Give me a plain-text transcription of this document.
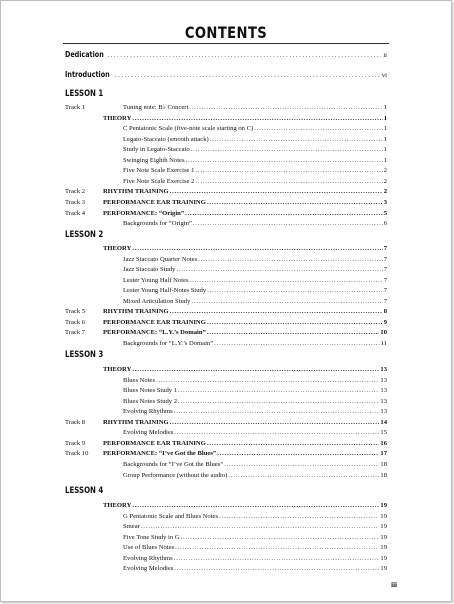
CONTENTS
Dedication .....	ii
Introduction .....	vi
LESSON 1
Track 1	Tuning note: B♭ Concert .....	1
THEORY .....	1
C Pentatonic Scale (five-note scale starting on C) .....	1
Legato-Staccato (smooth attack) .....	1
Study in Legato-Staccato .....	1
Swinging Eighth Notes .....	1
Five Note Scale Exercise 1 .....	2
Five Note Scale Exercise 2 .....	2
Track 2	RHYTHM TRAINING .....	2
Track 3	PERFORMANCE EAR TRAINING .....	3
Track 4	PERFORMANCE: “Origin” .....	5
Backgrounds for “Origin” .....	6
LESSON 2
THEORY .....	7
Jazz Staccato Quarter Notes .....	7
Jazz Staccato Study .....	7
Lester Young Half Notes .....	7
Lester Young Half-Notes Study .....	7
Mixed Articulation Study .....	7
Track 5	RHYTHM TRAINING .....	8
Track 6	PERFORMANCE EAR TRAINING .....	9
Track 7	PERFORMANCE: “L.Y.’s Domain” .....	10
Backgrounds for “L.Y.’s Domain” .....	11
LESSON 3
THEORY .....	13
Blues Notes .....	13
Blues Notes Study 1 .....	13
Blues Notes Study 2 .....	13
Evolving Rhythms .....	13
Track 8	RHYTHM TRAINING .....	14
Evolving Melodies .....	15
Track 9	PERFORMANCE EAR TRAINING .....	16
Track 10	PERFORMANCE: “I’ve Got the Blues” .....	17
Backgrounds for “I’ve Got the Blues” .....	18
Group Performance (without the audio) .....	18
LESSON 4
THEORY .....	19
G Pentatonic Scale and Blues Notes .....	19
Smear .....	19
Five Tone Study in G .....	19
Use of Blues Notes .....	19
Evolving Rhythms .....	19
Evolving Melodies .....	19
iii
